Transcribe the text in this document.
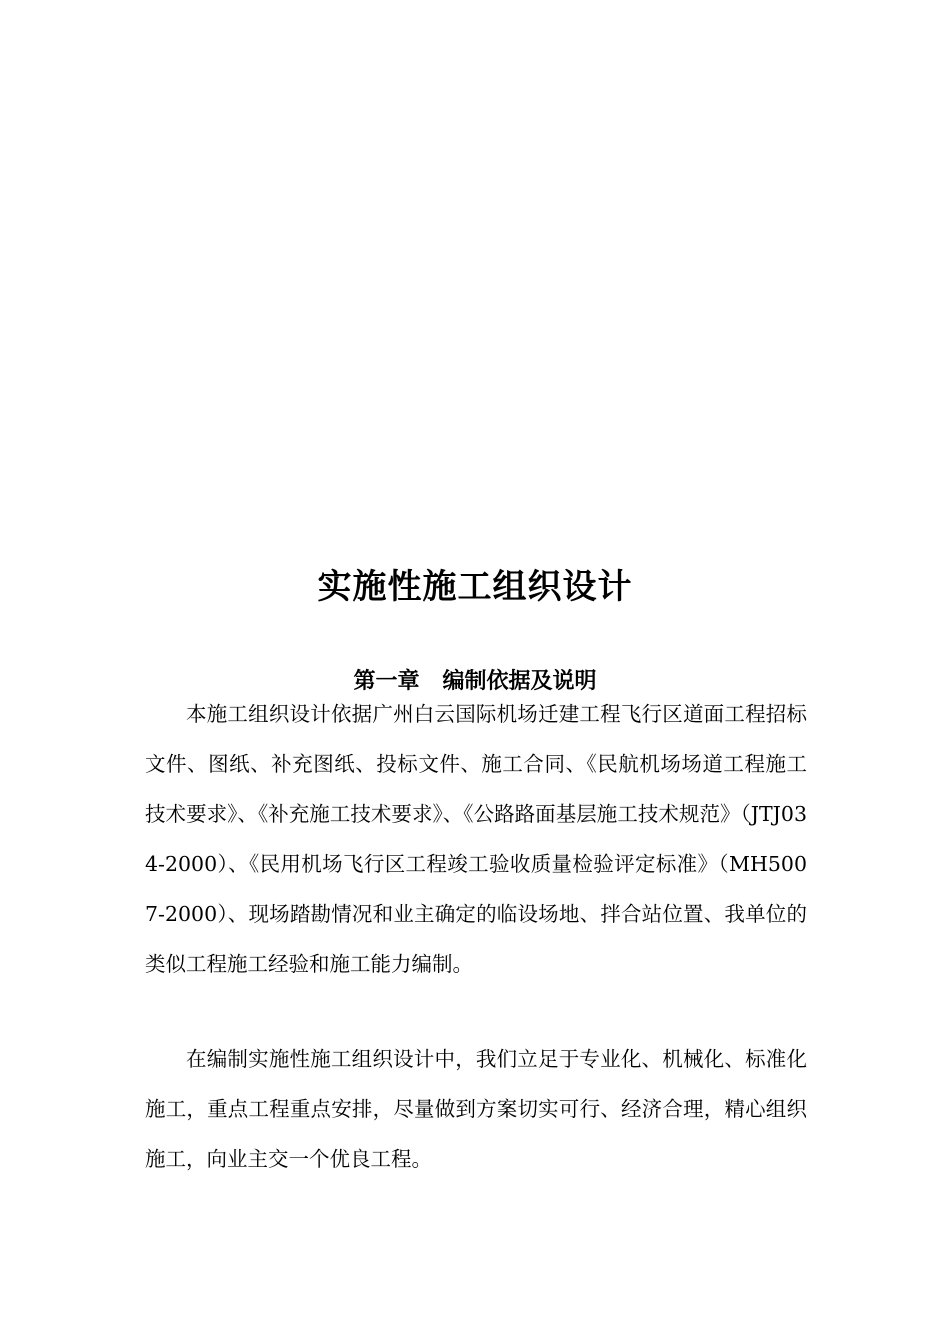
实施性施工组织设计
第一章   编制依据及说明

本施工组织设计依据广州白云国际机场迁建工程飞行区道面工程招标文件、图纸、补充图纸、投标文件、施工合同、《民航机场场道工程施工技术要求》、《补充施工技术要求》、《公路路面基层施工技术规范》（JTJ034-2000）、《民用机场飞行区工程竣工验收质量检验评定标准》（MH5007-2000）、现场踏勘情况和业主确定的临设场地、拌合站位置、我单位的类似工程施工经验和施工能力编制。

在编制实施性施工组织设计中，我们立足于专业化、机械化、标准化施工，重点工程重点安排，尽量做到方案切实可行、经济合理，精心组织施工，向业主交一个优良工程。
